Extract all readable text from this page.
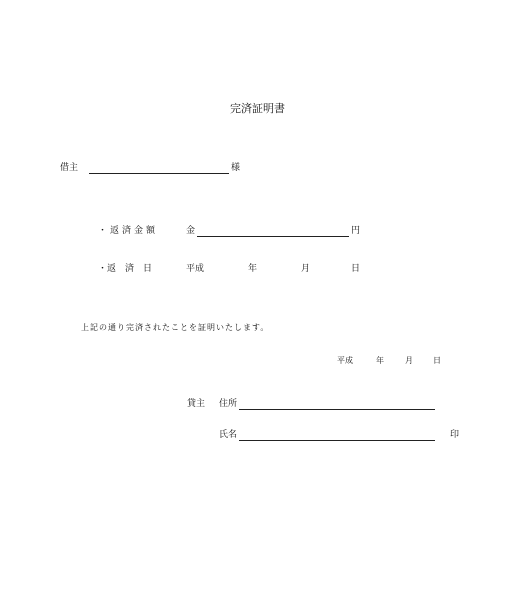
完済証明書
借主	様
・返済金額	金	円
・返　済　日	平成	年	月	日
上記の通り完済されたことを証明いたします。
平成	年	月	日
貸主 住所
氏名	印
